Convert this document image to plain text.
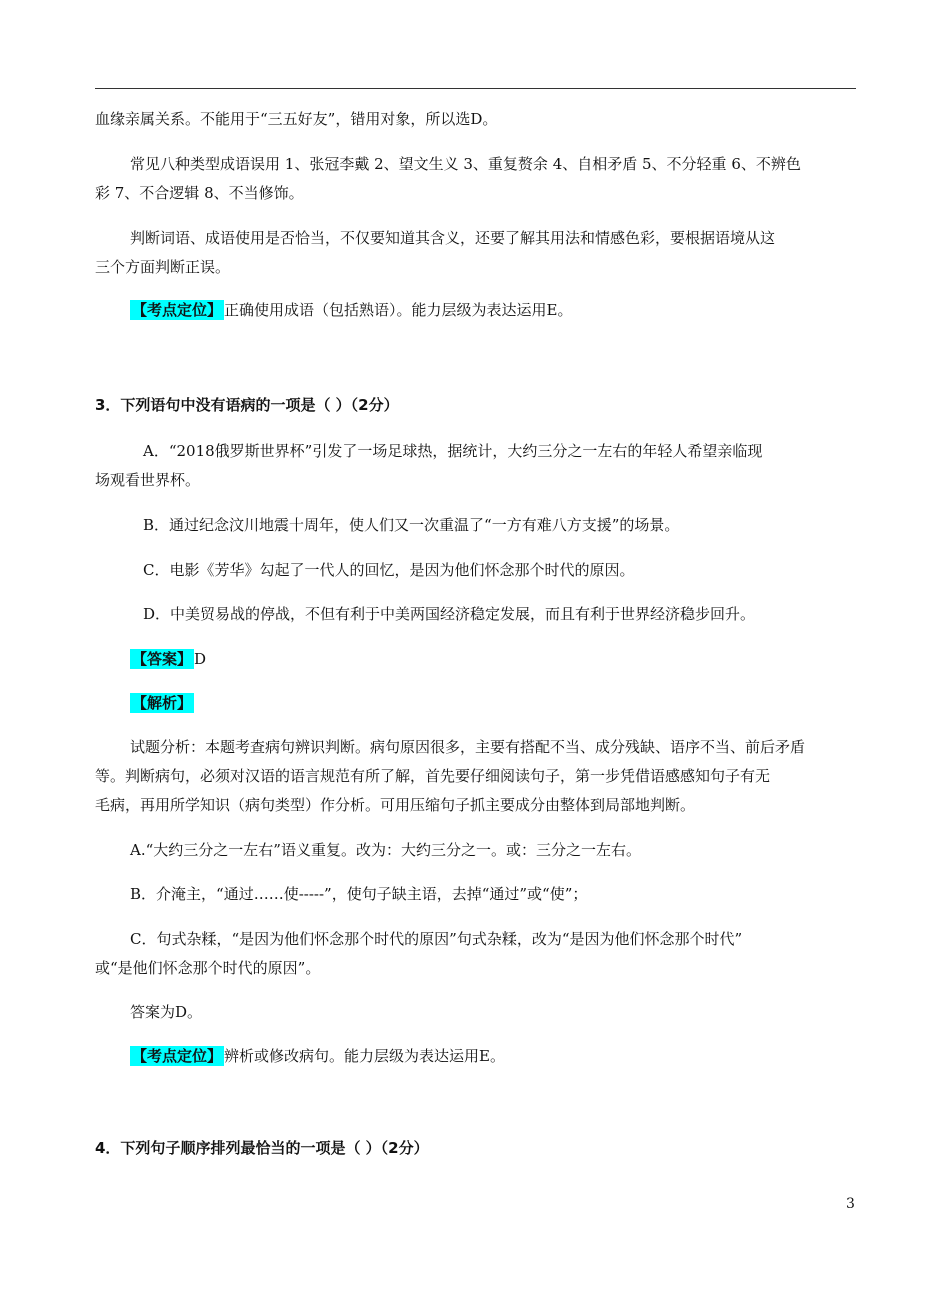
血缘亲属关系。不能用于“三五好友”，错用对象，所以选D。
常见八种类型成语误用 1、张冠李戴 2、望文生义 3、重复赘余 4、自相矛盾 5、不分轻重 6、不辨色
彩 7、不合逻辑 8、不当修饰。
判断词语、成语使用是否恰当，不仅要知道其含义，还要了解其用法和情感色彩，要根据语境从这
三个方面判断正误。
【考点定位】 正确使用成语（包括熟语）。能力层级为表达运用E。
3．下列语句中没有语病的一项是（ ）（2分）
A．“2018俄罗斯世界杯”引发了一场足球热，据统计，大约三分之一左右的年轻人希望亲临现
场观看世界杯。
B．通过纪念汶川地震十周年，使人们又一次重温了“一方有难八方支援”的场景。
C．电影《芳华》勾起了一代人的回忆，是因为他们怀念那个时代的原因。
D．中美贸易战的停战，不但有利于中美两国经济稳定发展，而且有利于世界经济稳步回升。
【答案】 D
【解析】
试题分析：本题考查病句辨识判断。病句原因很多，主要有搭配不当、成分残缺、语序不当、前后矛盾
等。判断病句，必须对汉语的语言规范有所了解，首先要仔细阅读句子，第一步凭借语感感知句子有无
毛病，再用所学知识（病句类型）作分析。可用压缩句子抓主要成分由整体到局部地判断。
A.“大约三分之一左右”语义重复。改为：大约三分之一。或：三分之一左右。
B．介淹主，“通过……使-----”，使句子缺主语，去掉“通过”或“使”；
C．句式杂糅，“是因为他们怀念那个时代的原因”句式杂糅，改为“是因为他们怀念那个时代”
或“是他们怀念那个时代的原因”。
答案为D。
【考点定位】 辨析或修改病句。能力层级为表达运用E。
4．下列句子顺序排列最恰当的一项是（ ）（2分）
3
